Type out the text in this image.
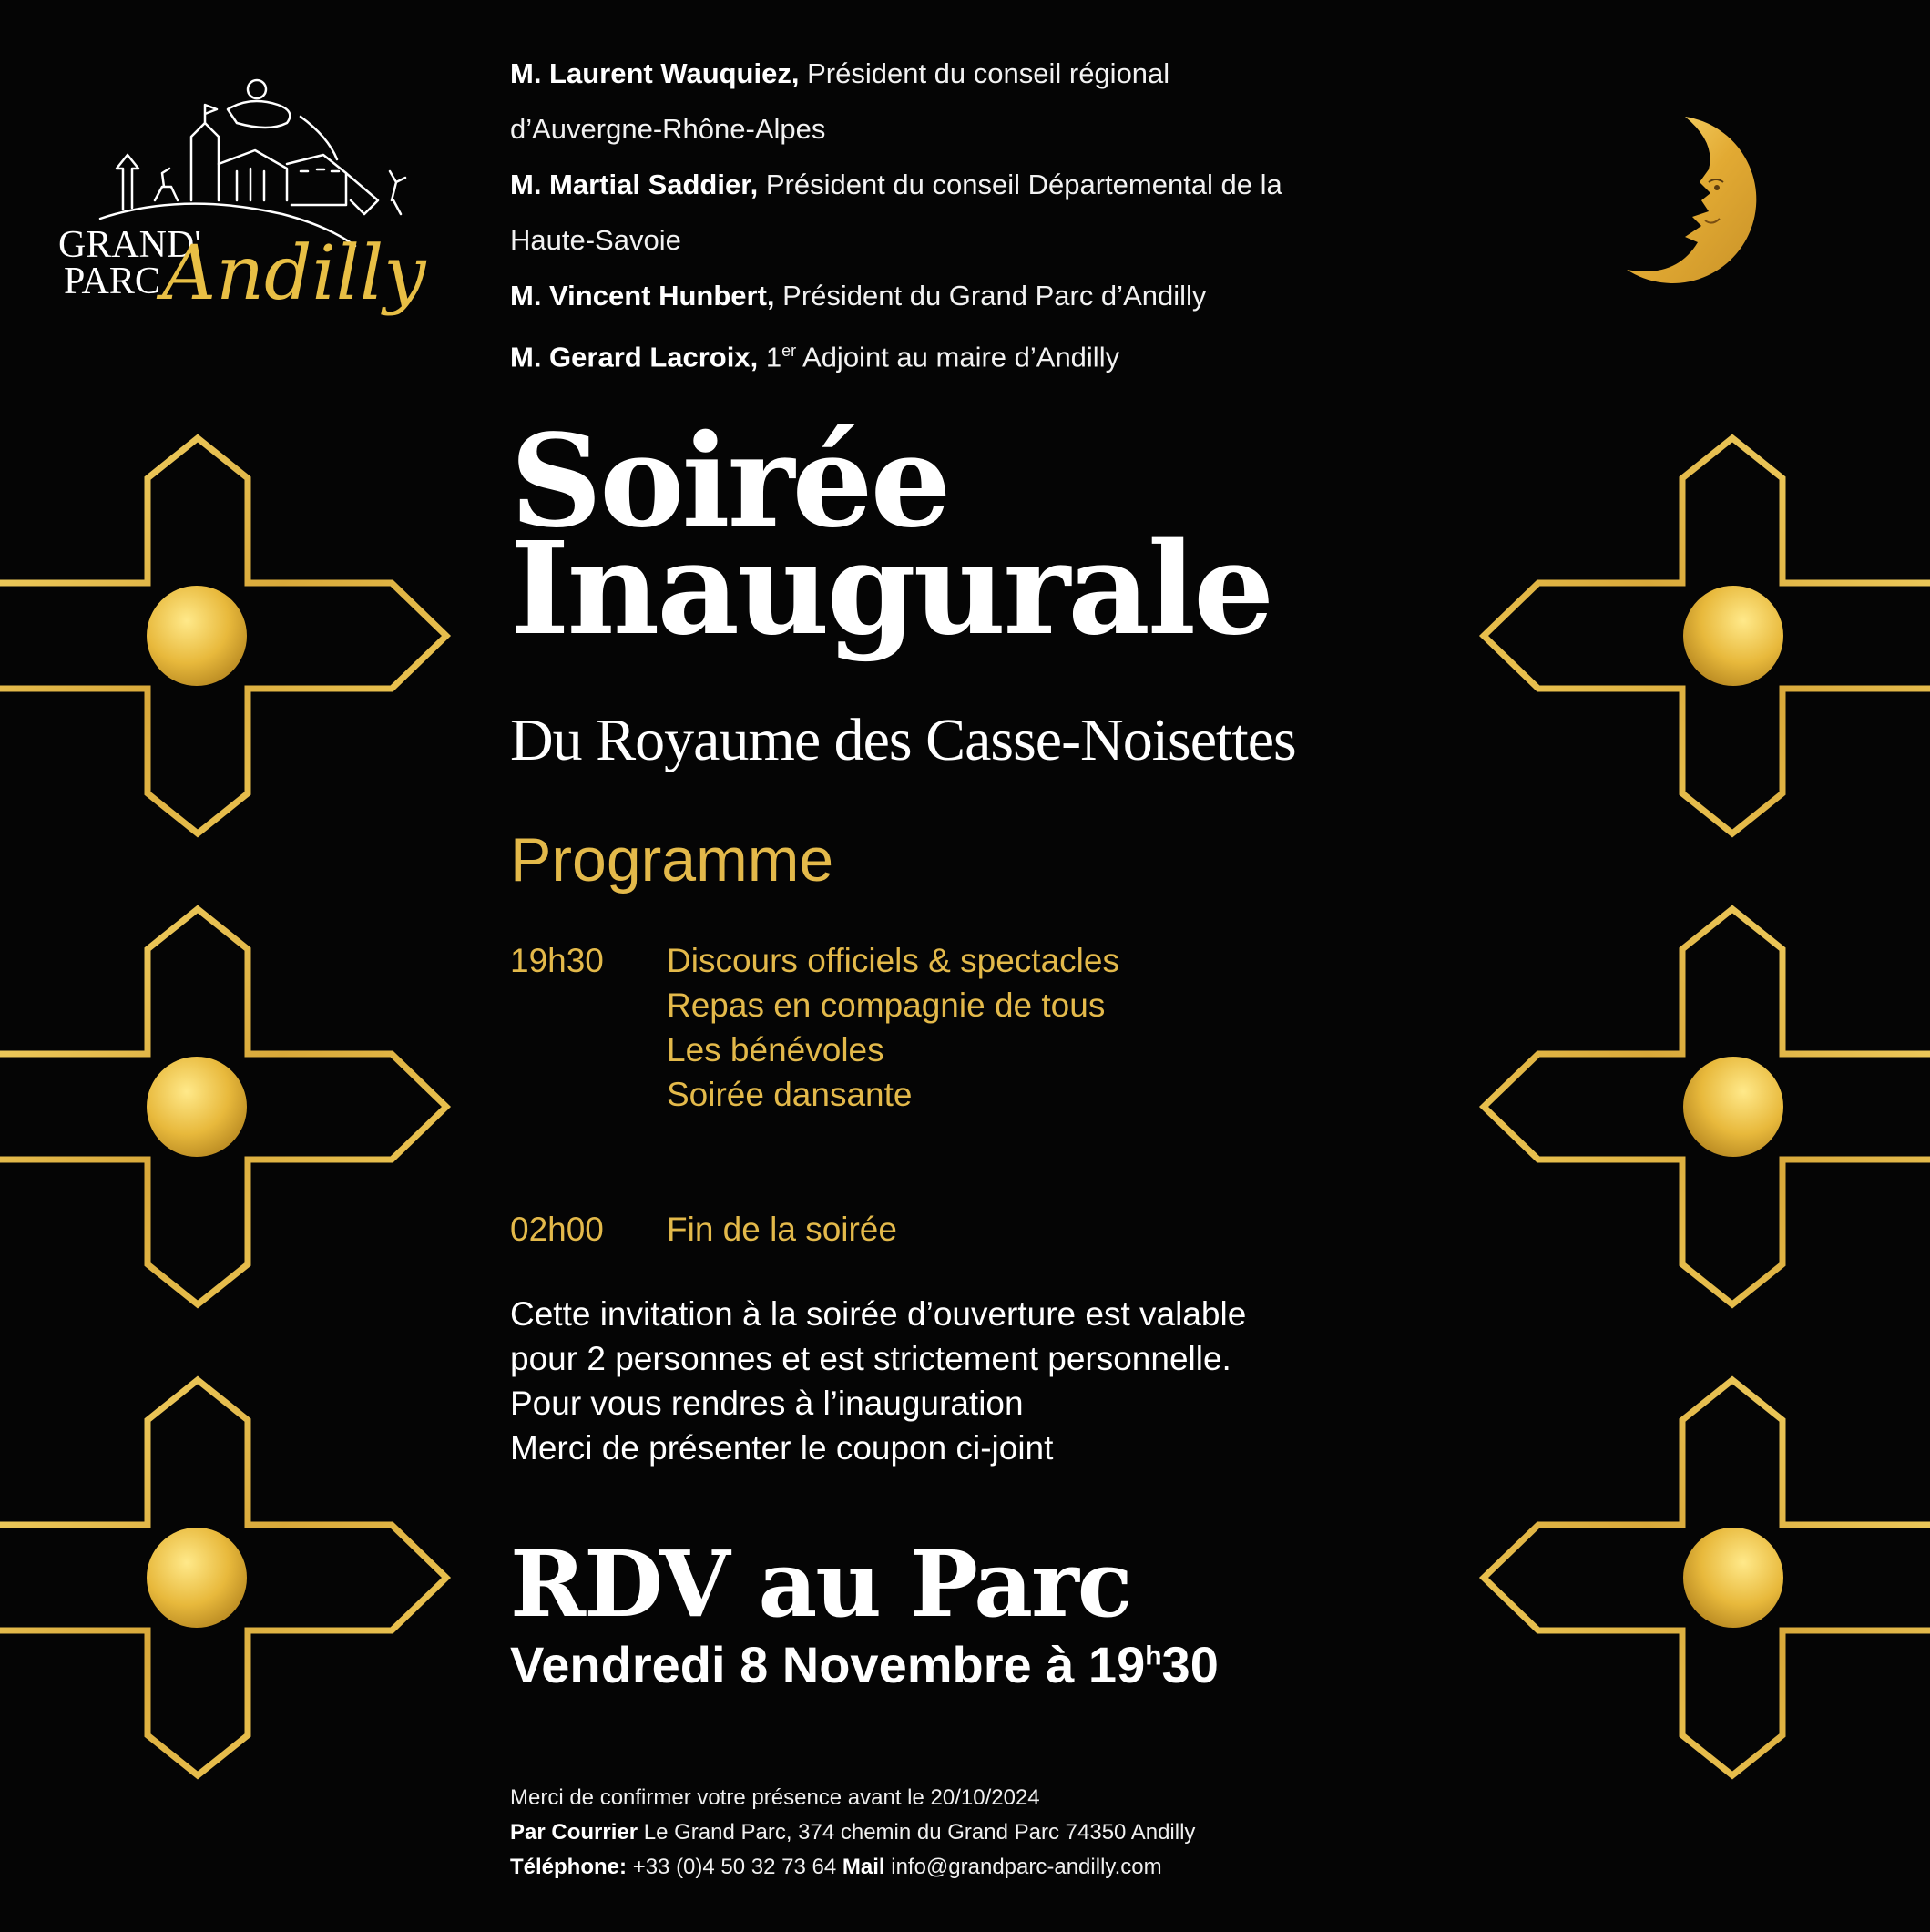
GRAND'
PARC Andilly
M. Laurent Wauquiez, Président du conseil régional
d’Auvergne-Rhône-Alpes
M. Martial Saddier, Président du conseil Départemental de la
Haute-Savoie
M. Vincent Hunbert, Président du Grand Parc d’Andilly
M. Gerard Lacroix, 1er Adjoint au maire d’Andilly
Soirée
Inaugurale
Du Royaume des Casse-Noisettes
Programme
19h30 Discours officiels & spectacles
Repas en compagnie de tous
Les bénévoles
Soirée dansante
02h00 Fin de la soirée
Cette invitation à la soirée d’ouverture est valable
pour 2 personnes et est strictement personnelle.
Pour vous rendres à l’inauguration
Merci de présenter le coupon ci-joint
RDV au Parc
Vendredi 8 Novembre à 19$^h$30
Merci de confirmer votre présence avant le 20/10/2024
Par Courrier Le Grand Parc, 374 chemin du Grand Parc 74350 Andilly
Téléphone: +33 (0)4 50 32 73 64 Mail info@grandparc-andilly.com
